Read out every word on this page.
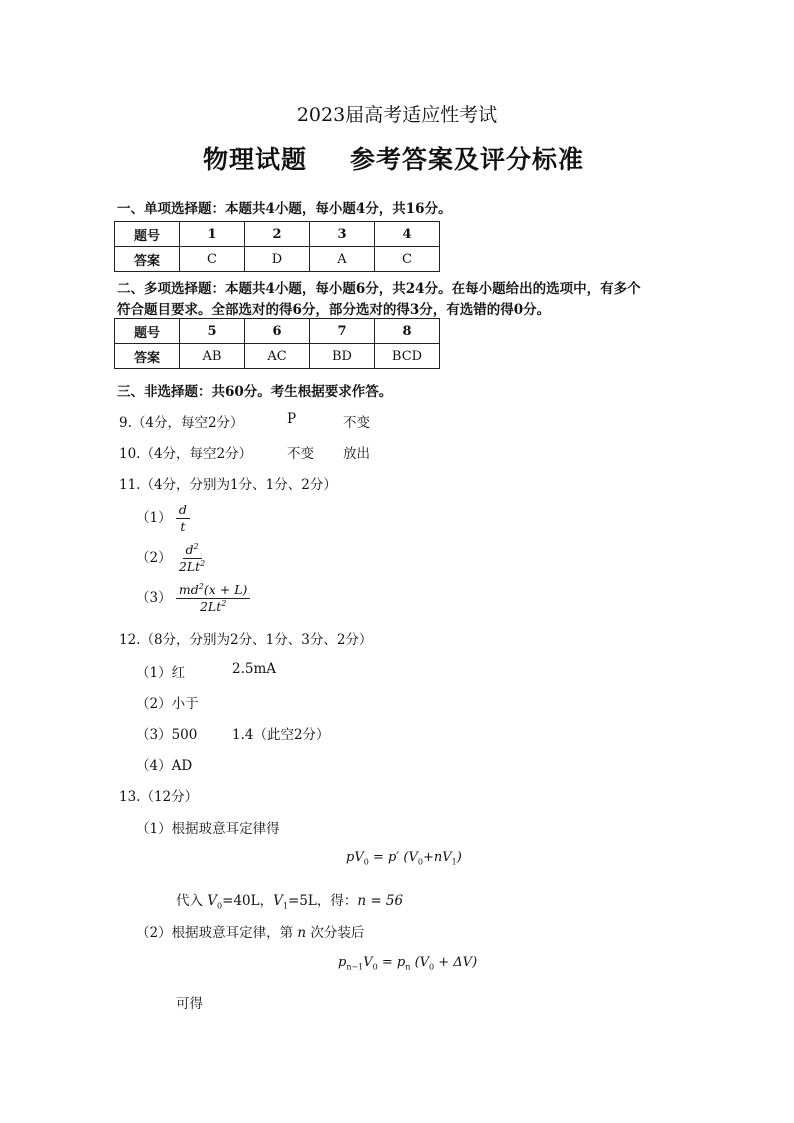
2023届高考适应性考试
物理试题 参考答案及评分标准
一、单项选择题：本题共4小题，每小题4分，共16分。
题号	1	2	3	4
答案	C	D	A	C
二、多项选择题：本题共4小题，每小题6分，共24分。在每小题给出的选项中，有多个
符合题目要求。全部选对的得6分，部分选对的得3分，有选错的得0分。
题号	5	6	7	8
答案	AB	AC	BD	BCD
三、非选择题：共60分。考生根据要求作答。
9.（4分，每空2分）	P	不变
10.（4分，每空2分）	不变 放出
11.（4分，分别为1分、1分、2分）
$(1) \frac{d}{t}$
$(2) \frac{d^2}{2Lt^2}$
$(3) \frac{md^2(x + L)}{2Lt^2}$
12.（8分，分别为2分、1分、3分、2分）
（1）红	2.5mA
（2）小于
（3）500	1.4（此空2分）
（4）AD
13.（12分）
（1）根据玻意耳定律得
$pV_0 = p'$ $(V_0+nV_1)$
代入 $V_0=40L$，$V_1=5L$，得：n = 56
（2）根据玻意耳定律，第 n 次分装后
$p_{n-1}V_0 = p_n$ $(V_0 + \Delta V)$
可得
